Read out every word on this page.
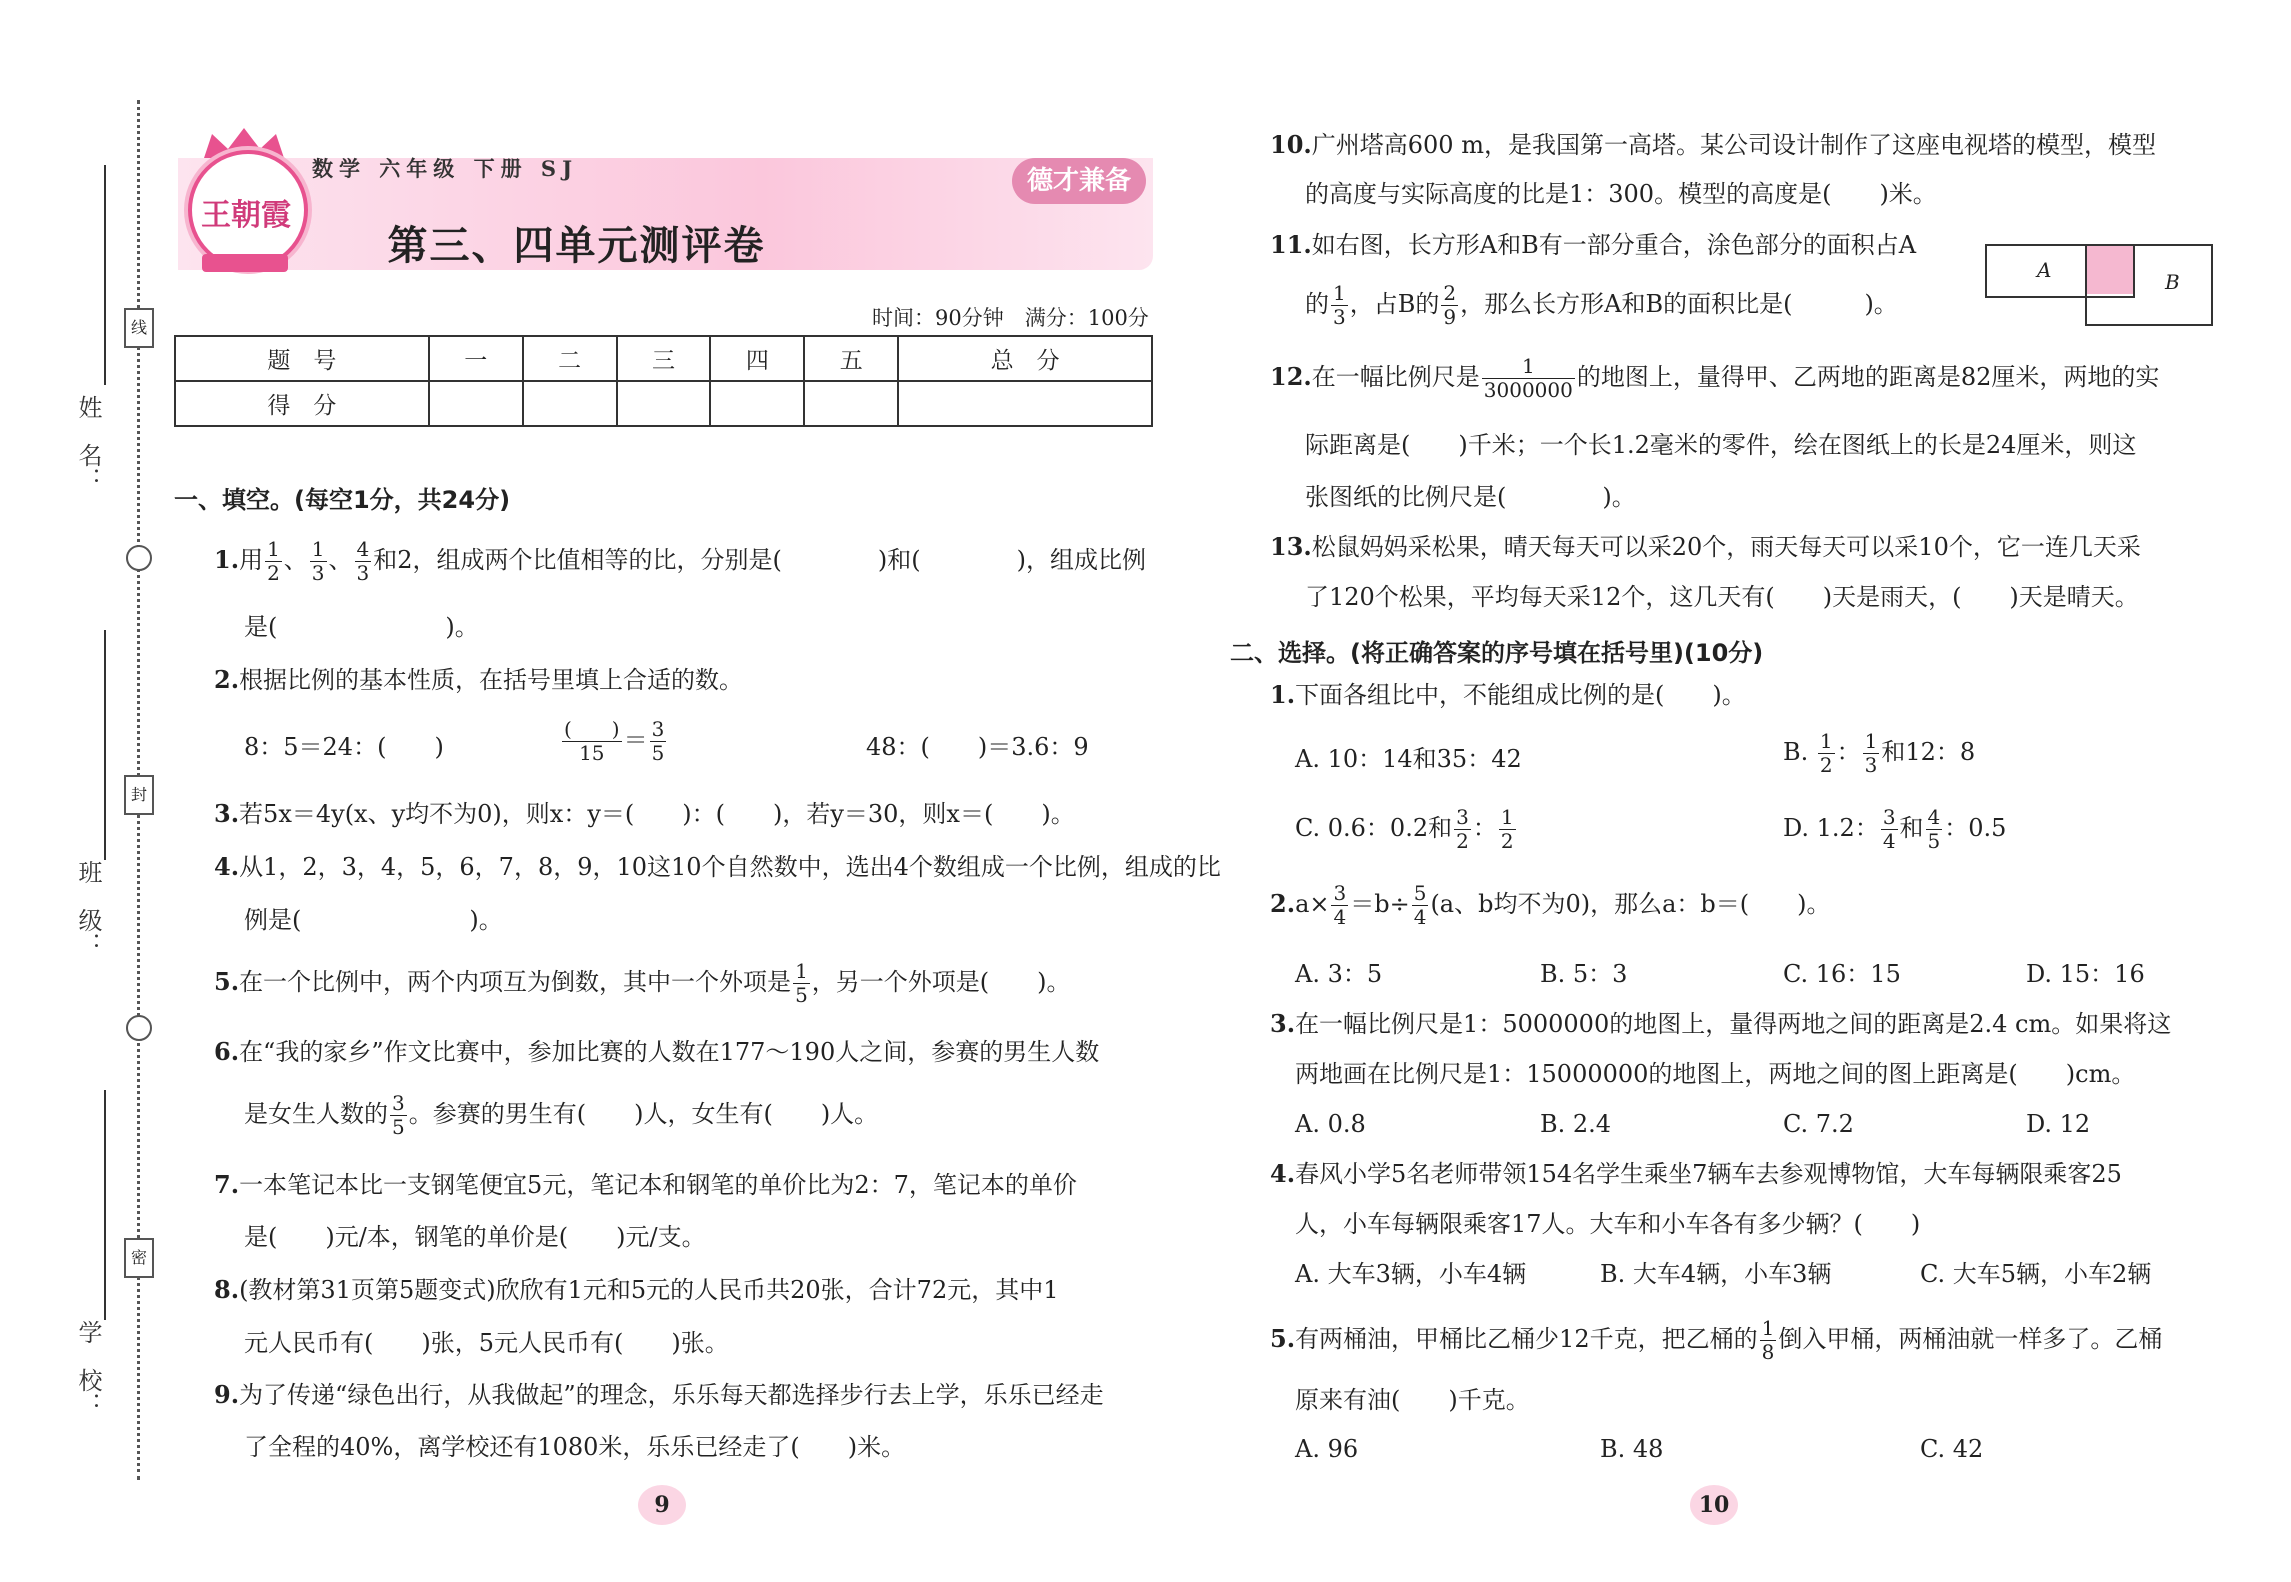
姓　名：
班　级：
学　校：
线
封
密
王朝霞
数学 六年级 下册 SJ
第三、四单元测评卷
德才兼备
时间：90分钟　满分：100分
题　号	一	二	三	四	五	总　分
得　分						
一、填空。(每空1分，共24分)
1.用 $\frac{1}{2}$ 、 $\frac{1}{3}$ 、 $\frac{4}{3}$ 和2，组成两个比值相等的比，分别是(　　　　)和(　　　　)，组成比例
是(　　　　　　　)。
2.根据比例的基本性质，在括号里填上合适的数。
8：5＝24：(　　)
(　　)
$15 = \frac{3}{5}$	48：(　　)＝3.6：9
3.若5x＝4y(x、y均不为0)，则x：y＝(　　)：(　　)，若y＝30，则x＝(　　)。
4.从1，2，3，4，5，6，7，8，9，10这10个自然数中，选出4个数组成一个比例，组成的比
例是(　　　　　　　)。
5.在一个比例中，两个内项互为倒数，其中一个外项是 $\frac{1}{5}$ ，另一个外项是(　　)。
6.在“我的家乡”作文比赛中，参加比赛的人数在177～190人之间，参赛的男生人数
是女生人数的 $\frac{3}{5}$ 。参赛的男生有(　　)人，女生有(　　)人。
7.一本笔记本比一支钢笔便宜5元，笔记本和钢笔的单价比为2：7，笔记本的单价
是(　　)元/本，钢笔的单价是(　　)元/支。
8.(教材第31页第5题变式)欣欣有1元和5元的人民币共20张，合计72元，其中1
元人民币有(　　)张，5元人民币有(　　)张。
9.为了传递“绿色出行，从我做起”的理念，乐乐每天都选择步行去上学，乐乐已经走
了全程的40%，离学校还有1080米，乐乐已经走了(　　)米。
9
10.广州塔高600 m，是我国第一高塔。某公司设计制作了这座电视塔的模型，模型
的高度与实际高度的比是1：300。模型的高度是(　　)米。
11.如右图，长方形A和B有一部分重合，涂色部分的面积占A
的 $\frac{1}{3}$ ，占B的 $\frac{2}{9}$ ，那么长方形A和B的面积比是(　　　)。
A	B
12.在一幅比例尺是 $\frac{1}{3000000}$ 的地图上，量得甲、乙两地的距离是82厘米，两地的实
际距离是(　　)千米；一个长1.2毫米的零件，绘在图纸上的长是24厘米，则这
张图纸的比例尺是(　　　　)。
13.松鼠妈妈采松果，晴天每天可以采20个，雨天每天可以采10个，它一连几天采
了120个松果，平均每天采12个，这几天有(　　)天是雨天，(　　)天是晴天。
二、选择。(将正确答案的序号填在括号里)(10分)
1.下面各组比中，不能组成比例的是(　　)。
A. 10：14和35：42	B. $\frac{1}{2}$ ： $\frac{1}{3}$ 和12：8
C. 0.6：0.2和 $\frac{3}{2}$ ： $\frac{1}{2}$	D. 1.2： $\frac{3}{4}$ 和 $\frac{4}{5}$ ：0.5
$2.a\times \frac{3}{4} =b\div \frac{5}{4} (a$、b均不为0)，那么a：b＝(　　)。
A. 3：5	B. 5：3	C. 16：15	D. 15：16
3.在一幅比例尺是1：5000000的地图上，量得两地之间的距离是2.4 cm。如果将这
两地画在比例尺是1：15000000的地图上，两地之间的图上距离是(　　)cm。
A. 0.8	B. 2.4	C. 7.2	D. 12
4.春风小学5名老师带领154名学生乘坐7辆车去参观博物馆，大车每辆限乘客25
人，小车每辆限乘客17人。大车和小车各有多少辆？(　　)
A. 大车3辆，小车4辆	B. 大车4辆，小车3辆	C. 大车5辆，小车2辆
5.有两桶油，甲桶比乙桶少12千克，把乙桶的 $\frac{1}{8}$ 倒入甲桶，两桶油就一样多了。乙桶
原来有油(　　)千克。
A. 96	B. 48	C. 42
10
